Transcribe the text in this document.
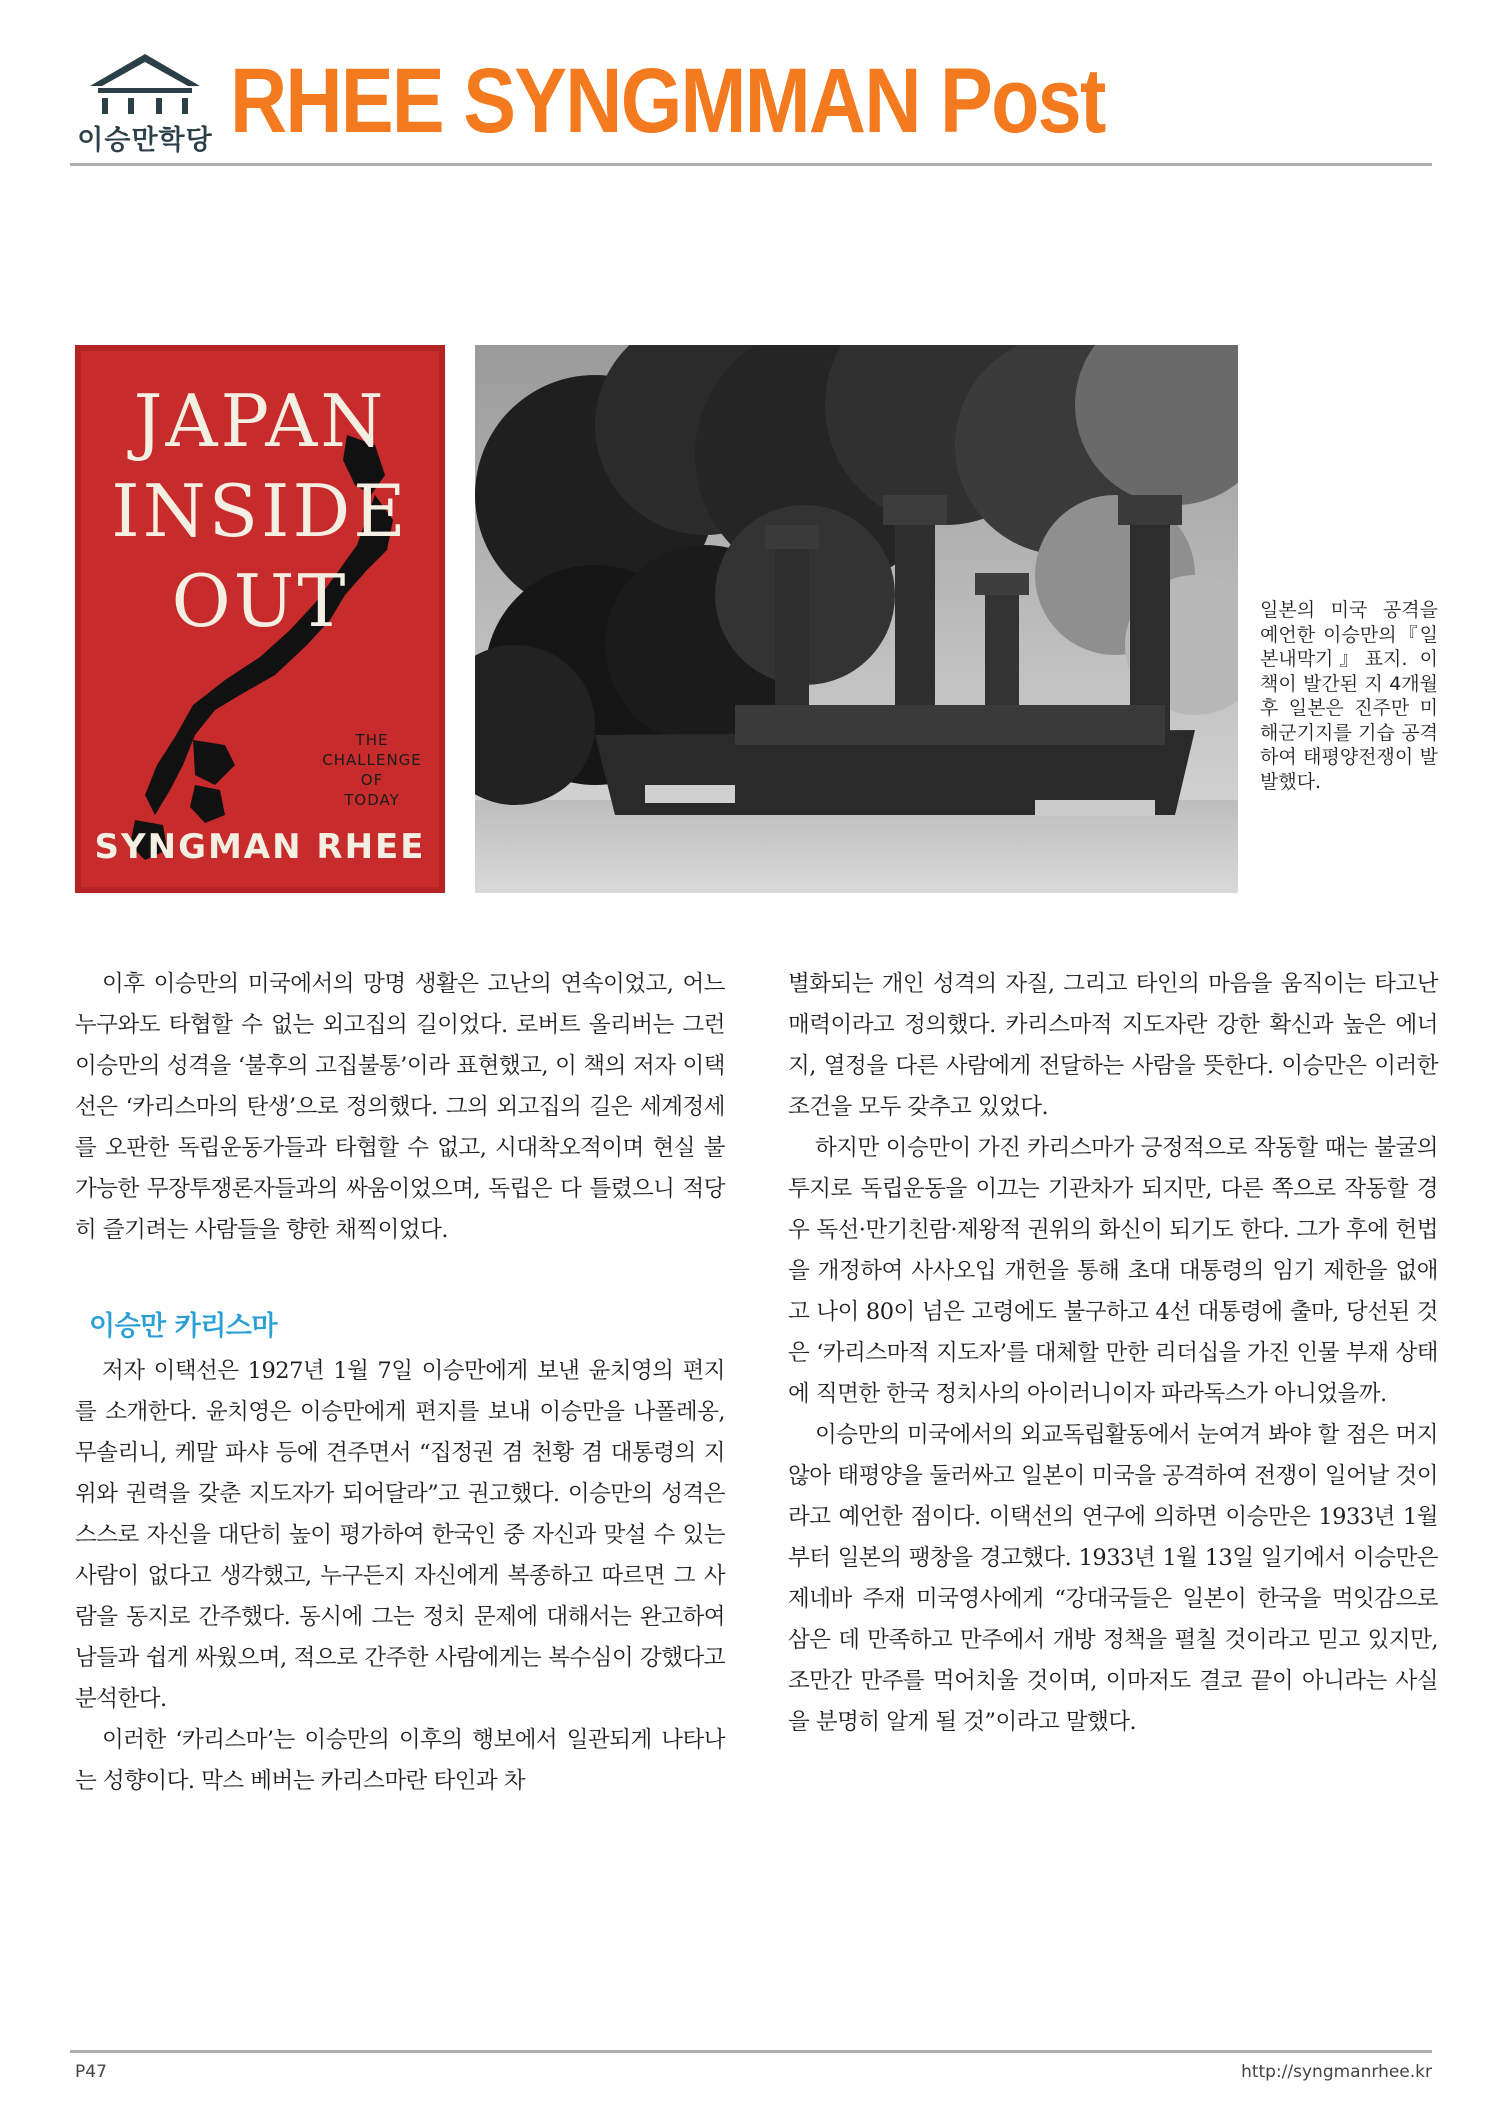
이승만학당 RHEE SYNGMMAN Post
JAPAN
INSIDE
OUT
THE
CHALLENGE
OF
TODAY
SYNGMAN RHEE
일본의 미국 공격을 예언한 이승만의『일본내막기』표지. 이 책이 발간된 지 4개월 후 일본은 진주만 미 해군기지를 기습 공격하여 태평양전쟁이 발발했다.

이후 이승만의 미국에서의 망명 생활은 고난의 연속이었고, 어느 누구와도 타협할 수 없는 외고집의 길이었다. 로버트 올리버는 그런 이승만의 성격을 ‘불후의 고집불통’이라 표현했고, 이 책의 저자 이택선은 ‘카리스마의 탄생’으로 정의했다. 그의 외고집의 길은 세계정세를 오판한 독립운동가들과 타협할 수 없고, 시대착오적이며 현실 불가능한 무장투쟁론자들과의 싸움이었으며, 독립은 다 틀렸으니 적당히 즐기려는 사람들을 향한 채찍이었다.

이승만 카리스마

저자 이택선은 1927년 1월 7일 이승만에게 보낸 윤치영의 편지를 소개한다. 윤치영은 이승만에게 편지를 보내 이승만을 나폴레옹, 무솔리니, 케말 파샤 등에 견주면서 “집정권 겸 천황 겸 대통령의 지위와 권력을 갖춘 지도자가 되어달라”고 권고했다. 이승만의 성격은 스스로 자신을 대단히 높이 평가하여 한국인 중 자신과 맞설 수 있는 사람이 없다고 생각했고, 누구든지 자신에게 복종하고 따르면 그 사람을 동지로 간주했다. 동시에 그는 정치 문제에 대해서는 완고하여 남들과 쉽게 싸웠으며, 적으로 간주한 사람에게는 복수심이 강했다고 분석한다.

이러한 ‘카리스마’는 이승만의 이후의 행보에서 일관되게 나타나는 성향이다. 막스 베버는 카리스마란 타인과 차

별화되는 개인 성격의 자질, 그리고 타인의 마음을 움직이는 타고난 매력이라고 정의했다. 카리스마적 지도자란 강한 확신과 높은 에너지, 열정을 다른 사람에게 전달하는 사람을 뜻한다. 이승만은 이러한 조건을 모두 갖추고 있었다.

하지만 이승만이 가진 카리스마가 긍정적으로 작동할 때는 불굴의 투지로 독립운동을 이끄는 기관차가 되지만, 다른 쪽으로 작동할 경우 독선·만기친람·제왕적 권위의 화신이 되기도 한다. 그가 후에 헌법을 개정하여 사사오입 개헌을 통해 초대 대통령의 임기 제한을 없애고 나이 80이 넘은 고령에도 불구하고 4선 대통령에 출마, 당선된 것은 ‘카리스마적 지도자’를 대체할 만한 리더십을 가진 인물 부재 상태에 직면한 한국 정치사의 아이러니이자 파라독스가 아니었을까.

이승만의 미국에서의 외교독립활동에서 눈여겨 봐야 할 점은 머지않아 태평양을 둘러싸고 일본이 미국을 공격하여 전쟁이 일어날 것이라고 예언한 점이다. 이택선의 연구에 의하면 이승만은 1933년 1월부터 일본의 팽창을 경고했다. 1933년 1월 13일 일기에서 이승만은 제네바 주재 미국영사에게 “강대국들은 일본이 한국을 먹잇감으로 삼은 데 만족하고 만주에서 개방 정책을 펼칠 것이라고 믿고 있지만, 조만간 만주를 먹어치울 것이며, 이마저도 결코 끝이 아니라는 사실을 분명히 알게 될 것”이라고 말했다.

P47	http://syngmanrhee.kr
